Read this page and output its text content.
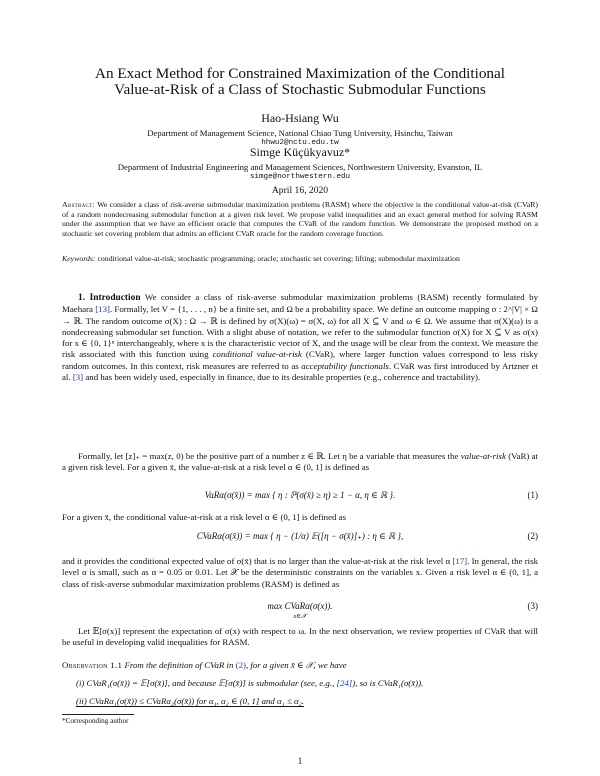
An Exact Method for Constrained Maximization of the Conditional
Value-at-Risk of a Class of Stochastic Submodular Functions
Hao-Hsiang Wu
Department of Management Science, National Chiao Tung University, Hsinchu, Taiwan
hhwu2@nctu.edu.tw
Simge Küçükyavuz*
Department of Industrial Engineering and Management Sciences, Northwestern University, Evanston, IL
simge@northwestern.edu
April 16, 2020
Abstract: We consider a class of risk-averse submodular maximization problems (RASM) where the objective is the conditional value-at-risk (CVaR) of a random nondecreasing submodular function at a given risk level. We propose valid inequalities and an exact general method for solving RASM under the assumption that we have an efficient oracle that computes the CVaR of the random function. We demonstrate the proposed method on a stochastic set covering problem that admits an efficient CVaR oracle for the random coverage function.
Keywords: conditional value-at-risk; stochastic programming; oracle; stochastic set covering; lifting; submodular maximization

1. Introduction We consider a class of risk-averse submodular maximization problems (RASM) recently formulated by Maehara [13]. Formally, let V = {1, . . . , n} be a finite set, and Ω be a probability space. We define an outcome mapping σ : 2^|V| × Ω → ℝ. The random outcome σ(X) : Ω → ℝ is defined by σ(X)(ω) = σ(X, ω) for all X ⊆ V and ω ∈ Ω. We assume that σ(X)(ω) is a nondecreasing submodular set function. With a slight abuse of notation, we refer to the submodular function σ(X) for X ⊆ V as σ(x) for x ∈ {0, 1}ⁿ interchangeably, where x is the characteristic vector of X, and the usage will be clear from the context. We measure the risk associated with this function using conditional value-at-risk (CVaR), where larger function values correspond to less risky random outcomes. In this context, risk measures are referred to as acceptability functionals. CVaR was first introduced by Artzner et al. [3] and has been widely used, especially in finance, due to its desirable properties (e.g., coherence and tractability).

Formally, let [z]₊ = max(z, 0) be the positive part of a number z ∈ ℝ. Let η be a variable that measures the value-at-risk (VaR) at a given risk level. For a given x̄, the value-at-risk at a risk level α ∈ (0, 1] is defined as

VaRα(σ(x̄)) = max { η : ℙ(σ(x̄) ≥ η) ≥ 1 − α, η ∈ ℝ }.	(1)

For a given x̄, the conditional value-at-risk at a risk level α ∈ (0, 1] is defined as

CVaRα(σ(x̄)) = max { η − (1/α) 𝔼([η − σ(x̄)]₊) : η ∈ ℝ },	(2)

and it provides the conditional expected value of σ(x̄) that is no larger than the value-at-risk at the risk level α [17]. In general, the risk level α is small, such as α = 0.05 or 0.01. Let 𝒳 be the deterministic constraints on the variables x. Given a risk level α ∈ (0, 1], a class of risk-averse submodular maximization problems (RASM) is defined as

max CVaRα(σ(x)).
x∈𝒳
(3)

Let 𝔼[σ(x)] represent the expectation of σ(x) with respect to ω. In the next observation, we review properties of CVaR that will be useful in developing valid inequalities for RASM.

Observation 1.1 From the definition of CVaR in (2), for a given x̄ ∈ 𝒳, we have
(i) CVaR₁(σ(x̄)) = 𝔼[σ(x̄)], and because 𝔼[σ(x̄)] is submodular (see, e.g., [24]), so is CVaR₁(σ(x̄)).
(ii) CVaRα₁(σ(x̄)) ≤ CVaRα₂(σ(x̄)) for α₁, α₂ ∈ (0, 1] and α₁ ≤ α₂.
*Corresponding author
1
